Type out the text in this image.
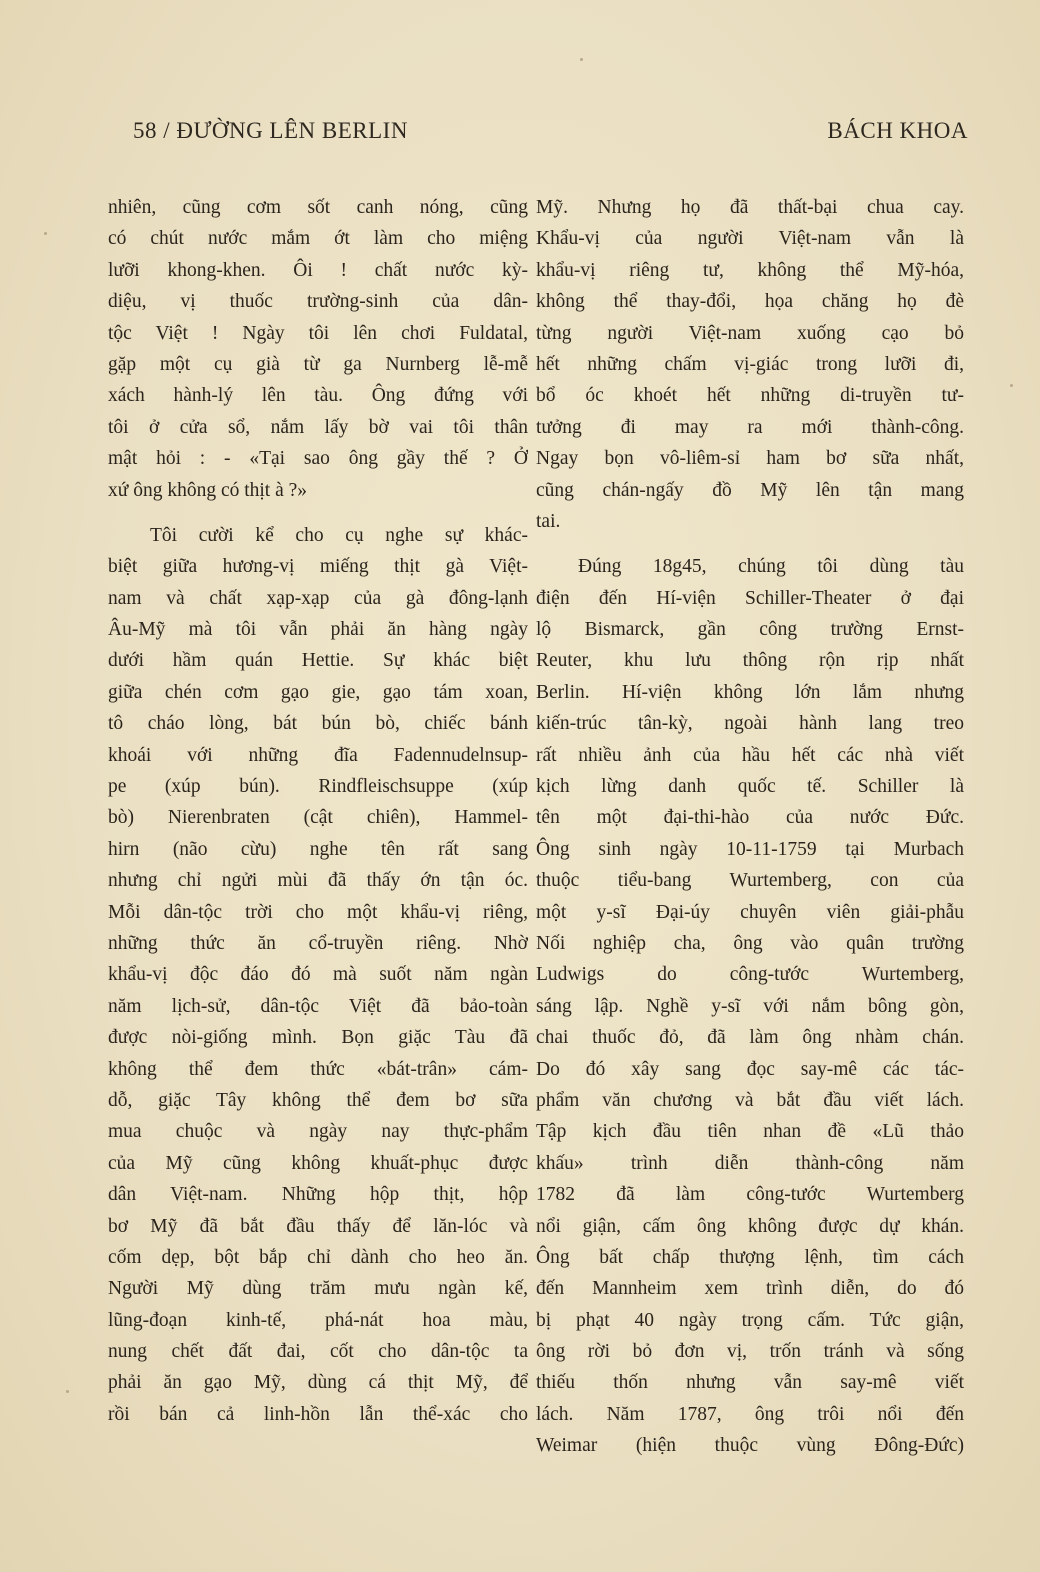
58 / ĐƯỜNG LÊN BERLIN	BÁCH KHOA
nhiên, cũng cơm sốt canh nóng, cũng
có chút nước mắm ớt làm cho miệng
lưỡi khong-khen. Ôi ! chất nước kỳ-
diệu, vị thuốc trường-sinh của dân-
tộc Việt ! Ngày tôi lên chơi Fuldatal,
gặp một cụ già từ ga Nurnberg lễ-mễ
xách hành-lý lên tàu. Ông đứng với
tôi ở cửa sổ, nắm lấy bờ vai tôi thân
mật hỏi : - «Tại sao ông gầy thế ? Ở
xứ ông không có thịt à ?»
Tôi cười kể cho cụ nghe sự khác-
biệt giữa hương-vị miếng thịt gà Việt-
nam và chất xạp-xạp của gà đông-lạnh
Âu-Mỹ mà tôi vẫn phải ăn hàng ngày
dưới hầm quán Hettie. Sự khác biệt
giữa chén cơm gạo gie, gạo tám xoan,
tô cháo lòng, bát bún bò, chiếc bánh
khoái với những đĩa Fadennudelnsup-
pe (xúp bún). Rindfleischsuppe (xúp
bò) Nierenbraten (cật chiên), Hammel-
hirn (não cừu) nghe tên rất sang
nhưng chỉ ngửi mùi đã thấy ớn tận óc.
Mỗi dân-tộc trời cho một khẩu-vị riêng,
những thức ăn cổ-truyền riêng. Nhờ
khẩu-vị độc đáo đó mà suốt năm ngàn
năm lịch-sử, dân-tộc Việt đã bảo-toàn
được nòi-giống mình. Bọn giặc Tàu đã
không thể đem thức «bát-trân» cám-
dỗ, giặc Tây không thể đem bơ sữa
mua chuộc và ngày nay thực-phẩm
của Mỹ cũng không khuất-phục được
dân Việt-nam. Những hộp thịt, hộp
bơ Mỹ đã bắt đầu thấy để lăn-lóc và
cốm dẹp, bột bắp chỉ dành cho heo ăn.
Người Mỹ dùng trăm mưu ngàn kế,
lũng-đoạn kinh-tế, phá-nát hoa màu,
nung chết đất đai, cốt cho dân-tộc ta
phải ăn gạo Mỹ, dùng cá thịt Mỹ, để
rồi bán cả linh-hồn lẫn thể-xác cho
Mỹ. Nhưng họ đã thất-bại chua cay.
Khẩu-vị của người Việt-nam vẫn là
khẩu-vị riêng tư, không thể Mỹ-hóa,
không thể thay-đổi, họa chăng họ đè
từng người Việt-nam xuống cạo bỏ
hết những chấm vị-giác trong lưỡi đi,
bổ óc khoét hết những di-truyền tư-
tưởng đi may ra mới thành-công.
Ngay bọn vô-liêm-sỉ ham bơ sữa nhất,
cũng chán-ngấy đồ Mỹ lên tận mang
tai.
Đúng 18g45, chúng tôi dùng tàu
điện đến Hí-viện Schiller-Theater ở đại
lộ Bismarck, gần công trường Ernst-
Reuter, khu lưu thông rộn rịp nhất
Berlin. Hí-viện không lớn lắm nhưng
kiến-trúc tân-kỳ, ngoài hành lang treo
rất nhiều ảnh của hầu hết các nhà viết
kịch lừng danh quốc tế. Schiller là
tên một đại-thi-hào của nước Đức.
Ông sinh ngày 10-11-1759 tại Murbach
thuộc tiểu-bang Wurtemberg, con của
một y-sĩ Đại-úy chuyên viên giải-phẫu
Nối nghiệp cha, ông vào quân trường
Ludwigs do công-tước Wurtemberg,
sáng lập. Nghề y-sĩ với nắm bông gòn,
chai thuốc đỏ, đã làm ông nhàm chán.
Do đó xây sang đọc say-mê các tác-
phẩm văn chương và bắt đầu viết lách.
Tập kịch đầu tiên nhan đề «Lũ thảo
khấu» trình diễn thành-công năm
1782 đã làm công-tước Wurtemberg
nổi giận, cấm ông không được dự khán.
Ông bất chấp thượng lệnh, tìm cách
đến Mannheim xem trình diễn, do đó
bị phạt 40 ngày trọng cấm. Tức giận,
ông rời bỏ đơn vị, trốn tránh và sống
thiếu thốn nhưng vẫn say-mê viết
lách. Năm 1787, ông trôi nổi đến
Weimar (hiện thuộc vùng Đông-Đức)
